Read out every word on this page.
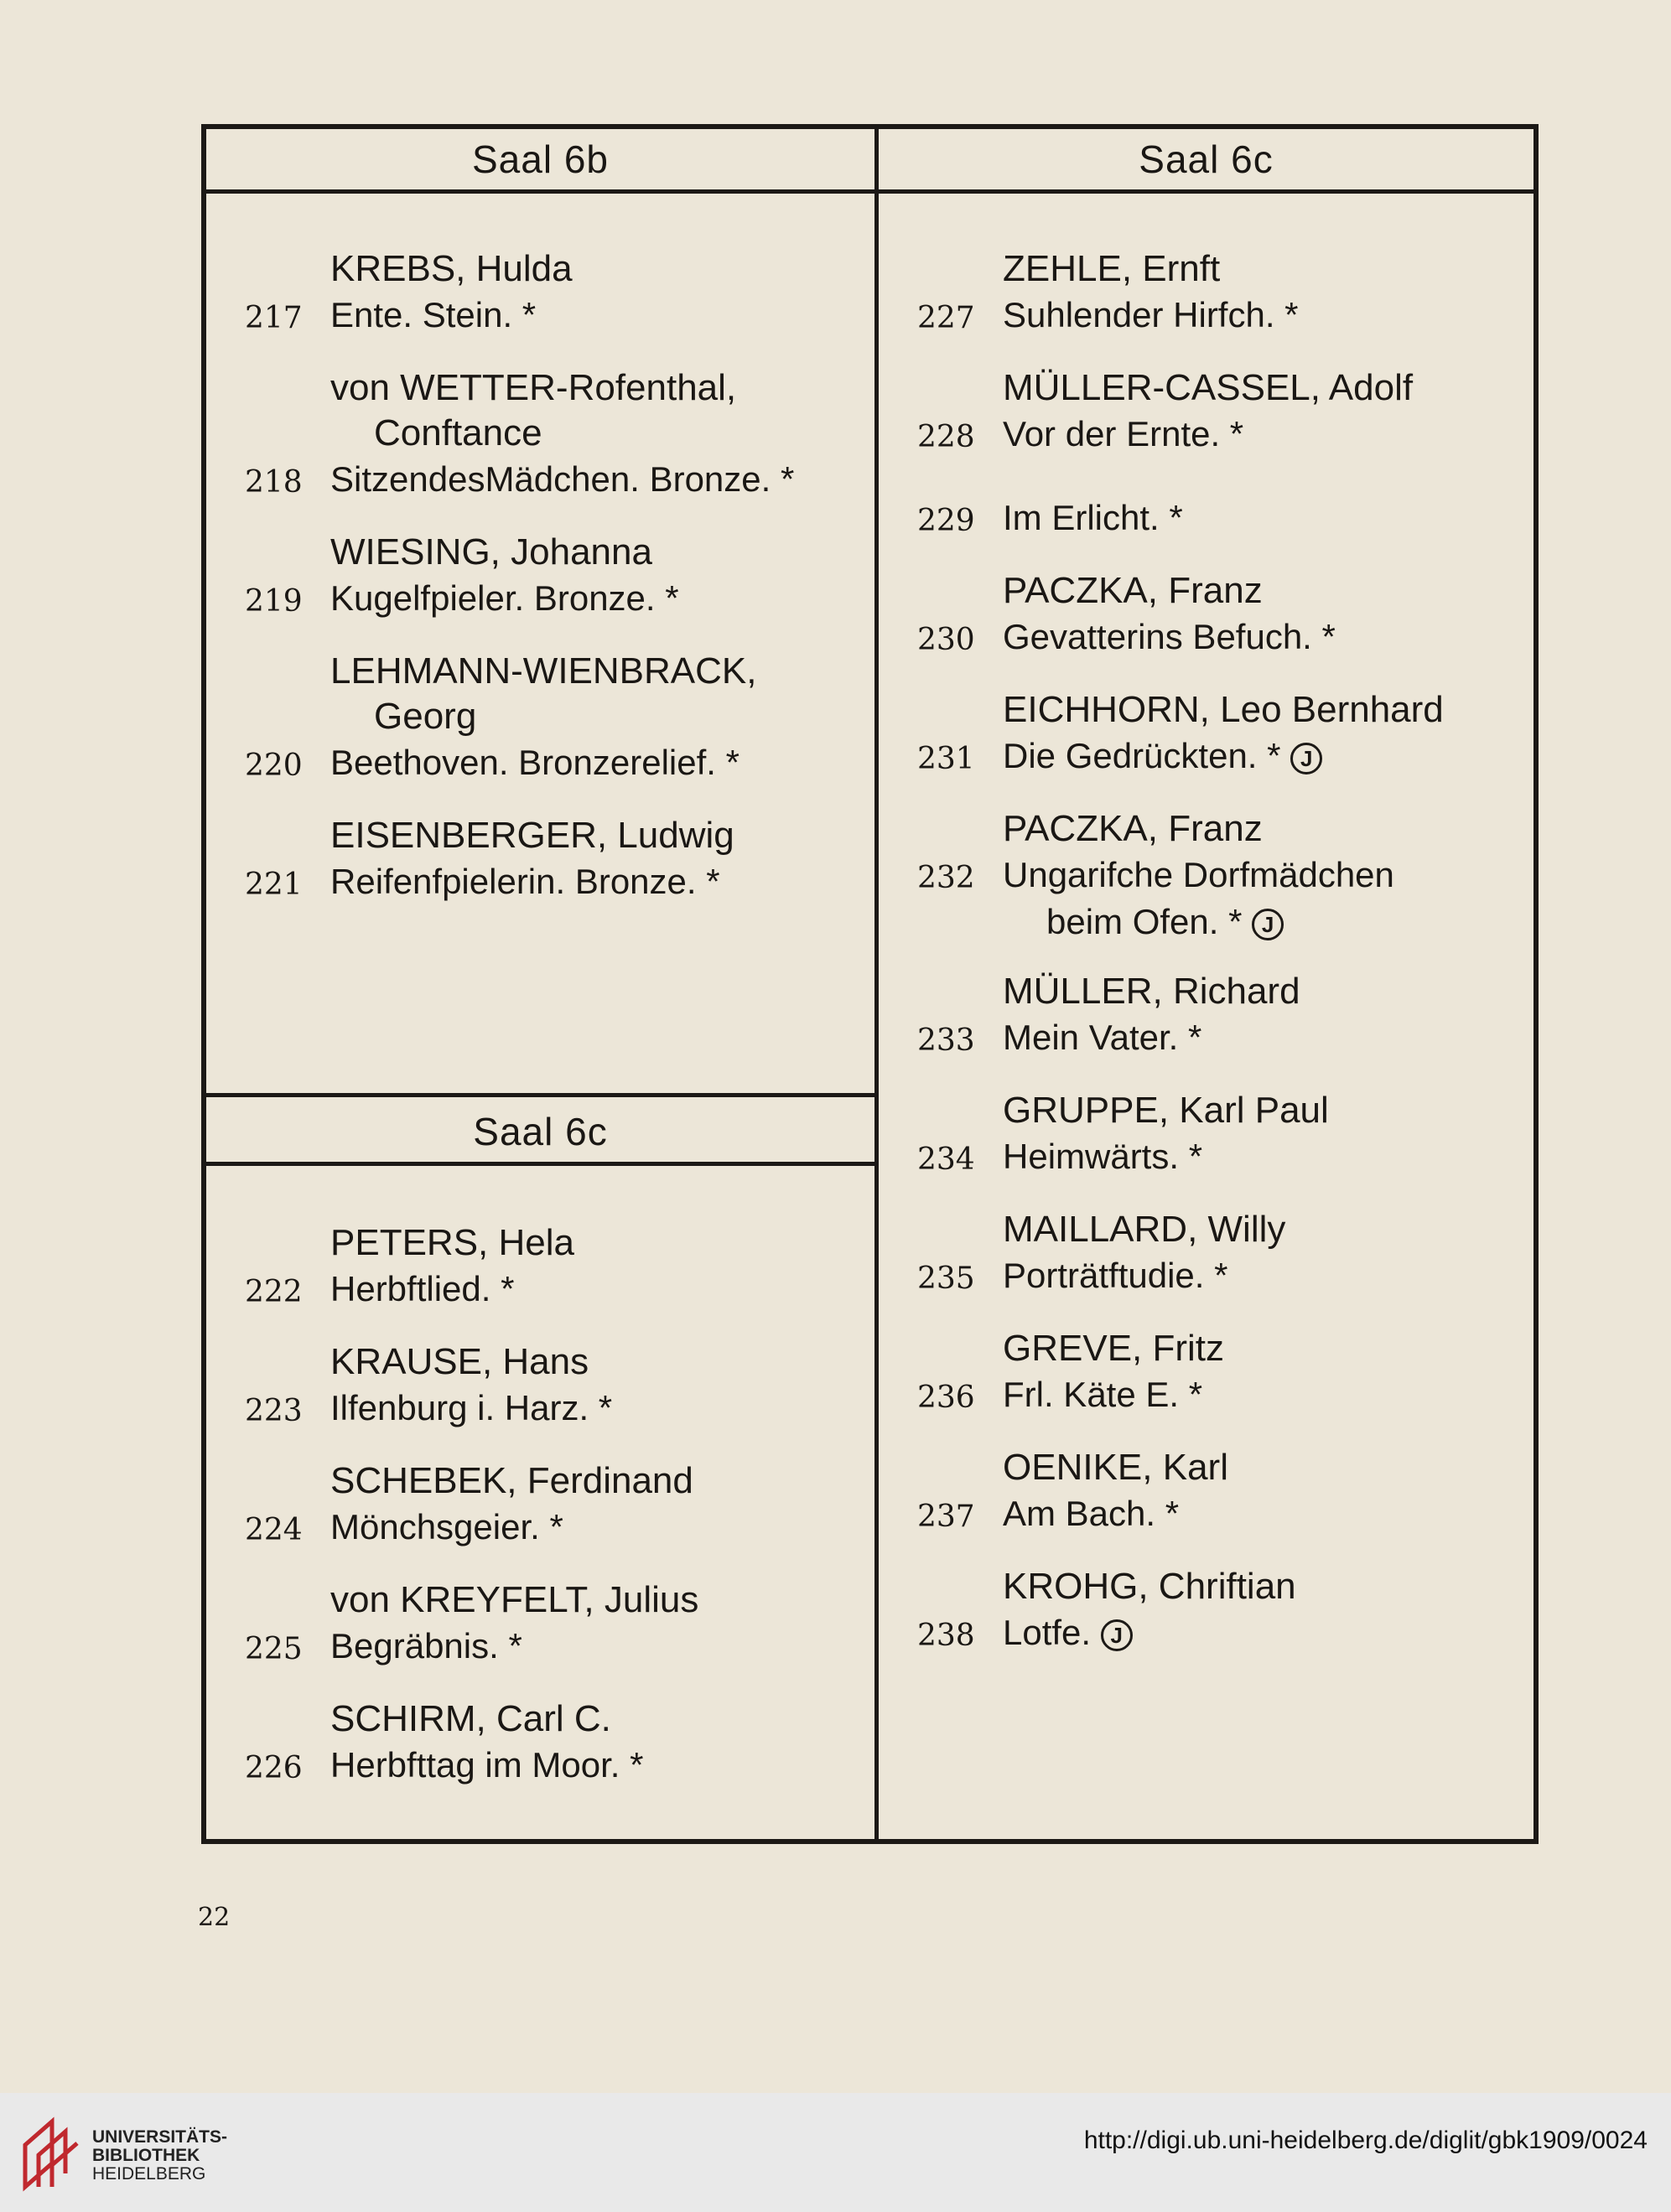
Saal 6b	Saal 6c
KREBS, Hulda
217 Ente. Stein. *
von WETTER-Rofenthal,
Conftance
218 SitzendesMädchen. Bronze. *
WIESING, Johanna
219 Kugelfpieler. Bronze. *
LEHMANN-WIENBRACK,
Georg
220 Beethoven. Bronzerelief. *
EISENBERGER, Ludwig
221 Reifenfpielerin. Bronze. *
Saal 6c
PETERS, Hela
222 Herbftlied. *
KRAUSE, Hans
223 Ilfenburg i. Harz. *
SCHEBEK, Ferdinand
224 Mönchsgeier. *
von KREYFELT, Julius
225 Begräbnis. *
SCHIRM, Carl C.
226 Herbfttag im Moor. *
ZEHLE, Ernft
227 Suhlender Hirfch. *
MÜLLER-CASSEL, Adolf
228 Vor der Ernte. *
229 Im Erlicht. *
PACZKA, Franz
230 Gevatterins Befuch. *
EICHHORN, Leo Bernhard
231 Die Gedrückten. * J
PACZKA, Franz
232 Ungarifche Dorfmädchen
beim Ofen. * J
MÜLLER, Richard
233 Mein Vater. *
GRUPPE, Karl Paul
234 Heimwärts. *
MAILLARD, Willy
235 Porträtftudie. *
GREVE, Fritz
236 Frl. Käte E. *
OENIKE, Karl
237 Am Bach. *
KROHG, Chriftian
238 Lotfe. J
22
UNIVERSITÄTS-
BIBLIOTHEK
HEIDELBERG
http://digi.ub.uni-heidelberg.de/diglit/gbk1909/0024
